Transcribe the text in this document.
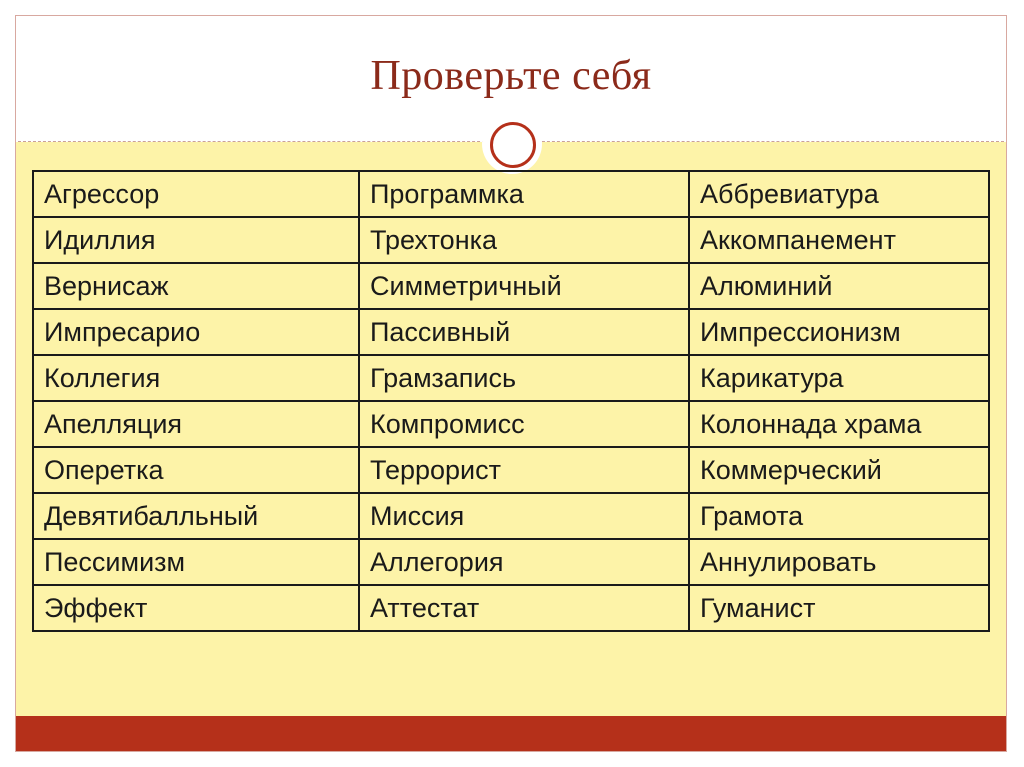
Проверьте себя
Агрессор	Программка	Аббревиатура
Идиллия	Трехтонка	Аккомпанемент
Вернисаж	Симметричный	Алюминий
Импресарио	Пассивный	Импрессионизм
Коллегия	Грамзапись	Карикатура
Апелляция	Компромисс	Колоннада храма
Оперетка	Террорист	Коммерческий
Девятибалльный	Миссия	Грамота
Пессимизм	Аллегория	Аннулировать
Эффект	Аттестат	Гуманист
